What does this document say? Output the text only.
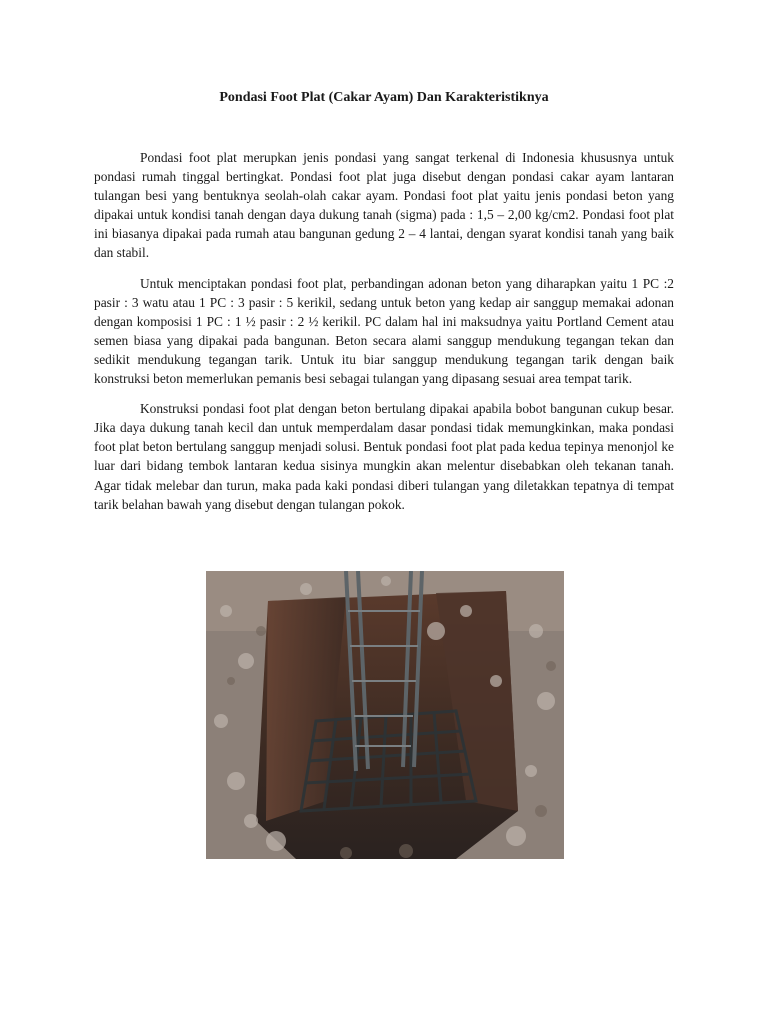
Pondasi Foot Plat (Cakar Ayam) Dan Karakteristiknya

Pondasi foot plat merupkan jenis pondasi yang sangat terkenal di Indonesia khususnya untuk pondasi rumah tinggal bertingkat. Pondasi foot plat juga disebut dengan pondasi cakar ayam lantaran tulangan besi yang bentuknya seolah-olah cakar ayam. Pondasi foot plat yaitu jenis pondasi beton yang dipakai untuk kondisi tanah dengan daya dukung tanah (sigma) pada : 1,5 – 2,00 kg/cm2. Pondasi foot plat ini biasanya dipakai pada rumah atau bangunan gedung 2 – 4 lantai, dengan syarat kondisi tanah yang baik dan stabil.

Untuk menciptakan pondasi foot plat, perbandingan adonan beton yang diharapkan yaitu 1 PC :2 pasir : 3 watu atau 1 PC : 3 pasir : 5 kerikil, sedang untuk beton yang kedap air sanggup memakai adonan dengan komposisi 1 PC : 1 ½ pasir : 2 ½ kerikil. PC dalam hal ini maksudnya yaitu Portland Cement atau semen biasa yang dipakai pada bangunan. Beton secara alami sanggup mendukung tegangan tekan dan sedikit mendukung tegangan tarik. Untuk itu biar sanggup mendukung tegangan tarik dengan baik konstruksi beton memerlukan pemanis besi sebagai tulangan yang dipasang sesuai area tempat tarik.

Konstruksi pondasi foot plat dengan beton bertulang dipakai apabila bobot bangunan cukup besar. Jika daya dukung tanah kecil dan untuk memperdalam dasar pondasi tidak memungkinkan, maka pondasi foot plat beton bertulang sanggup menjadi solusi. Bentuk pondasi foot plat pada kedua tepinya menonjol ke luar dari bidang tembok lantaran kedua sisinya mungkin akan melentur disebabkan oleh tekanan tanah. Agar tidak melebar dan turun, maka pada kaki pondasi diberi tulangan yang diletakkan tepatnya di tempat tarik belahan bawah yang disebut dengan tulangan pokok.
